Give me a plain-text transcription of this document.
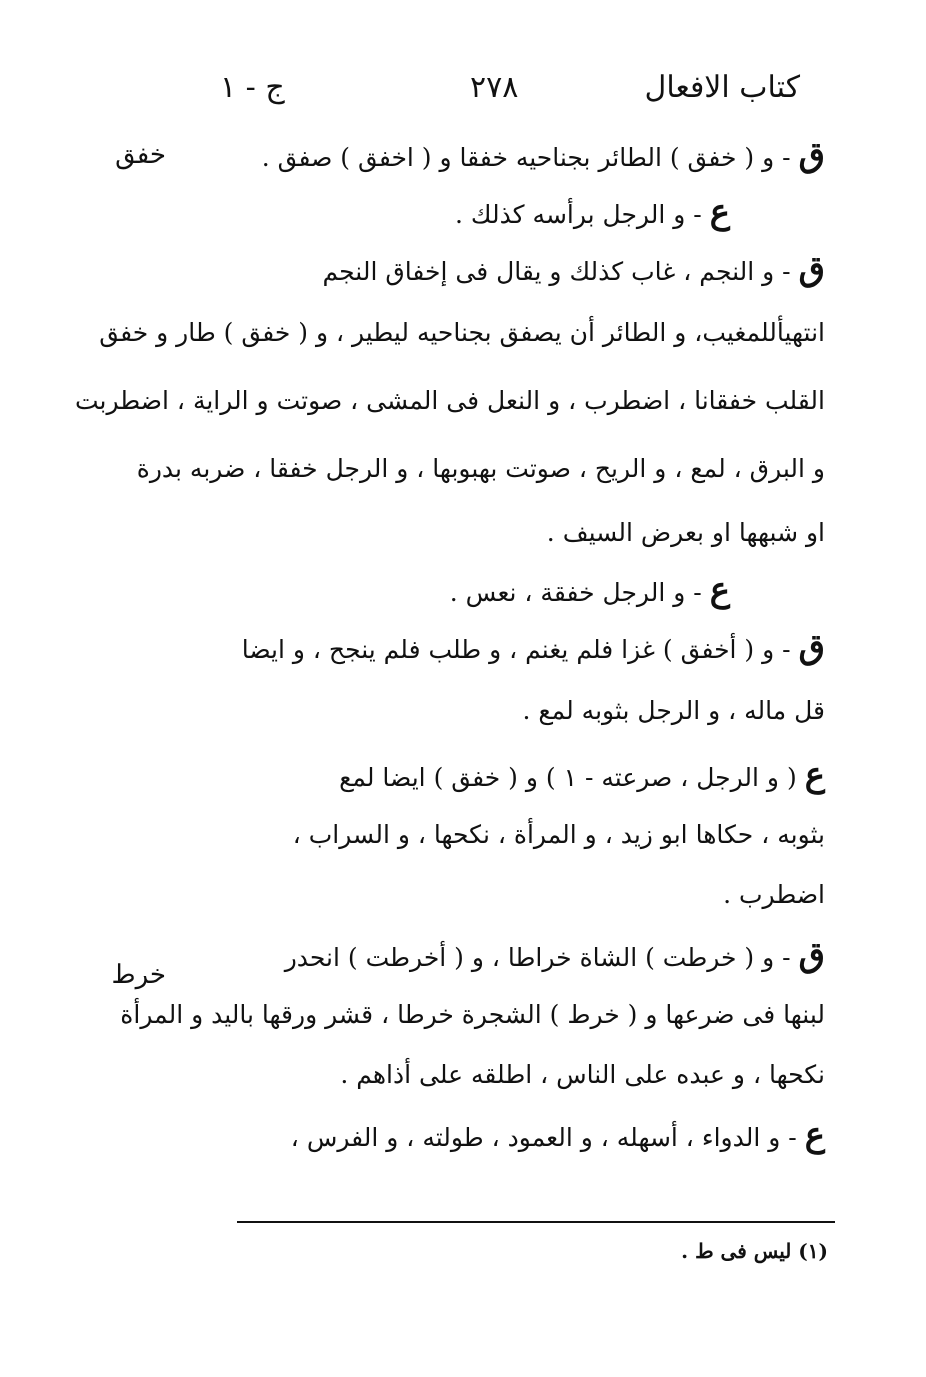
كتاب الافعال
٢٧٨
ج - ١
خفق
خرط
ق- و ( خفق ) الطائر بجناحيه خفقا و ( اخفق ) صفق .
ع- و الرجل برأسه كذلك .
ق- و النجم ، غاب كذلك و يقال فى إخفاق النجم
انتهيأللمغيب، و الطائر أن يصفق بجناحيه ليطير ، و ( خفق ) طار و خفق
القلب خفقانا ، اضطرب ، و النعل فى المشى ، صوتت و الراية ، اضطربت
و البرق ، لمع ، و الريح ، صوتت بهبوبها ، و الرجل خفقا ، ضربه بدرة
او شبهها او بعرض السيف .
ع- و الرجل خفقة ، نعس .
ق- و ( أخفق ) غزا فلم يغنم ، و طلب فلم ينجح ، و ايضا
قل ماله ، و الرجل بثوبه لمع .
ع( و الرجل ، صرعته - ١ ) و ( خفق ) ايضا لمع
بثوبه ، حكاها ابو زيد ، و المرأة ، نكحها ، و السراب ،
اضطرب .
ق- و ( خرطت ) الشاة خراطا ، و ( أخرطت ) انحدر
لبنها فى ضرعها و ( خرط ) الشجرة خرطا ، قشر ورقها باليد و المرأة
نكحها ، و عبده على الناس ، اطلقه على أذاهم .
ع- و الدواء ، أسهله ، و العمود ، طولته ، و الفرس ،
(١) ليس فى ط .
